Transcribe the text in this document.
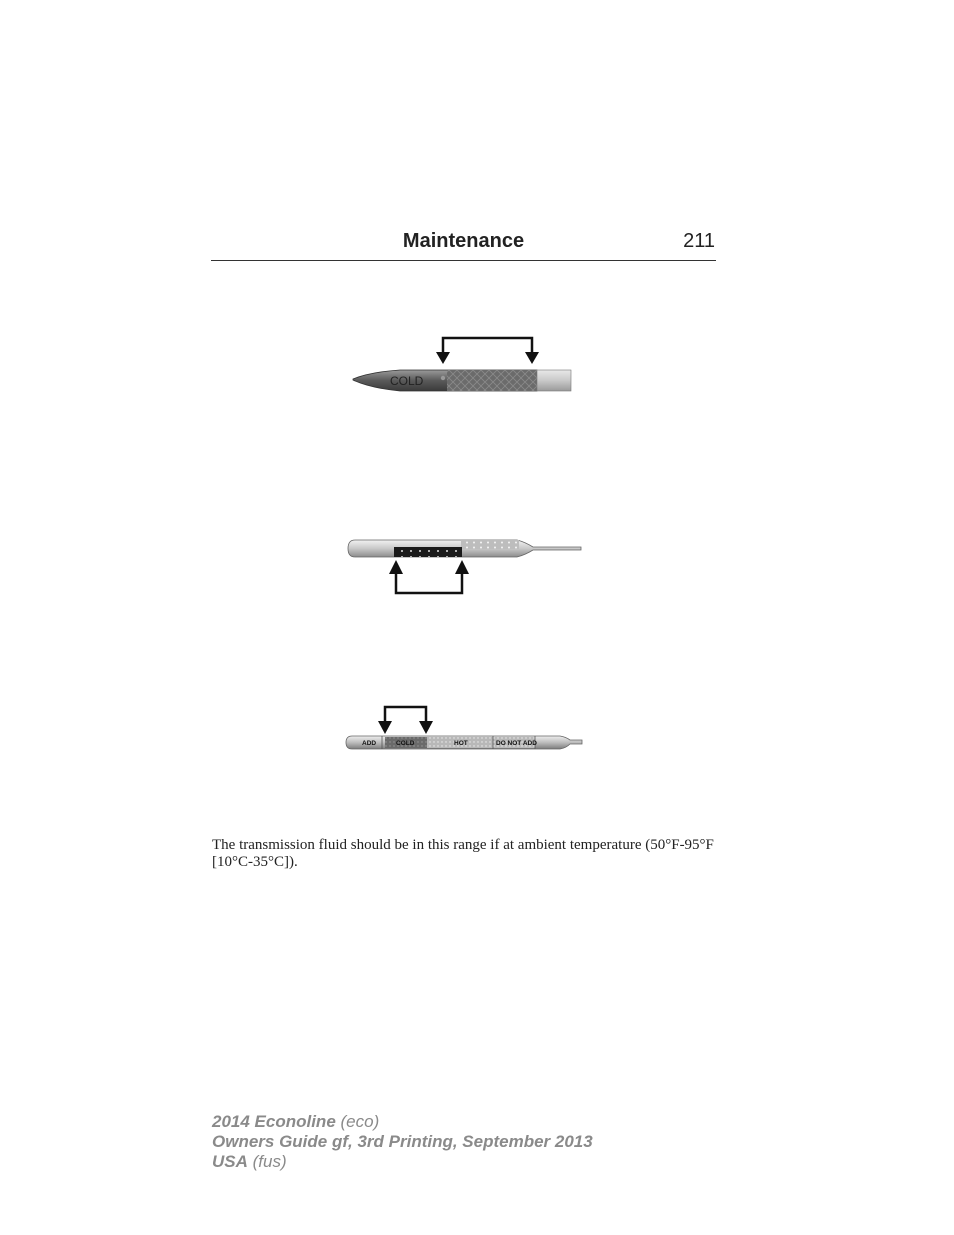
Maintenance	211
COLD
ADD	COLD	HOT	DO NOT ADD
The transmission fluid should be in this range if at ambient temperature (50°F-95°F [10°C-35°C]).
2014 Econoline (eco)
Owners Guide gf, 3rd Printing, September 2013
USA (fus)
